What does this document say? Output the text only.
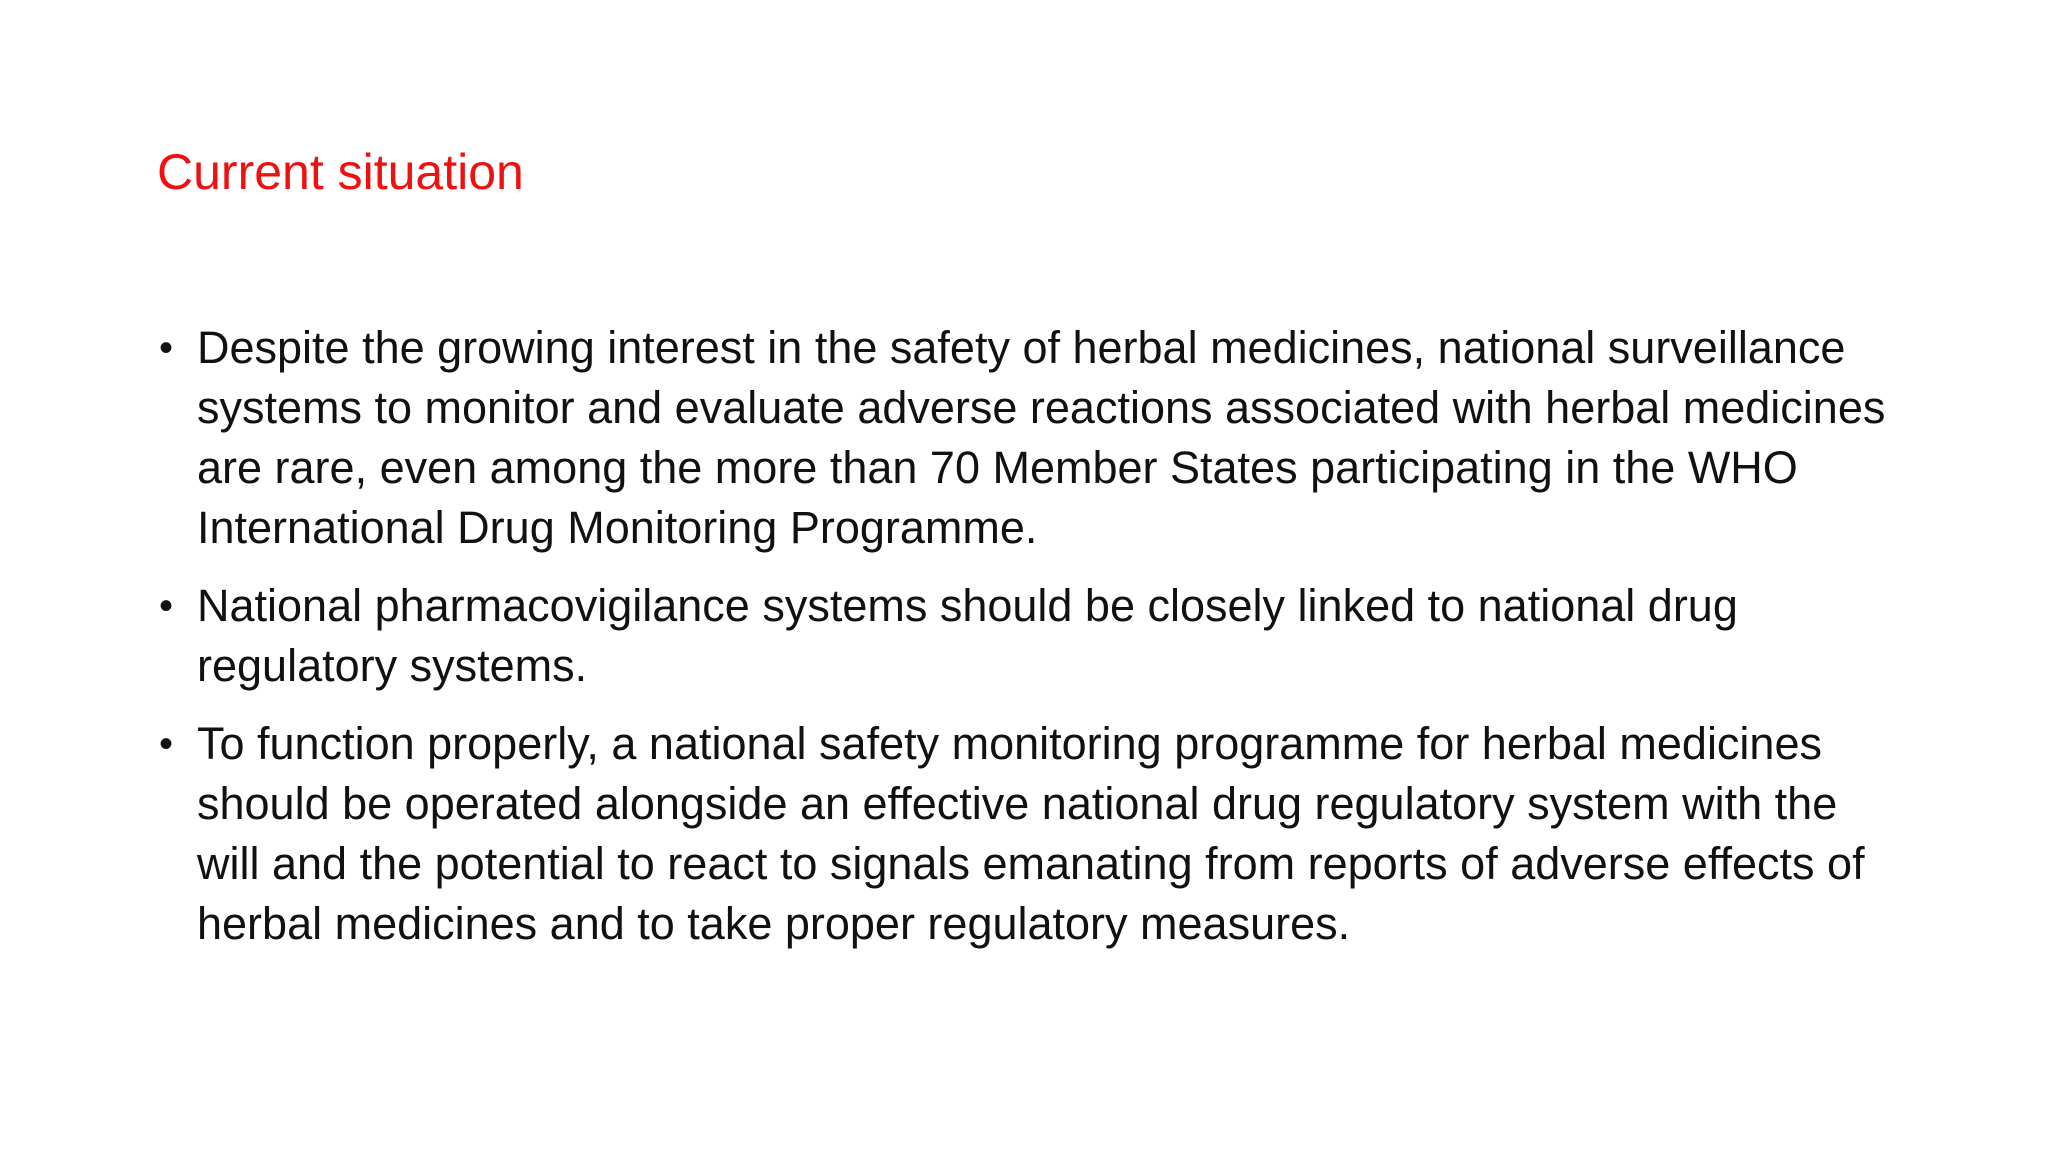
Current situation
• Despite the growing interest in the safety of herbal medicines, national surveillance systems to monitor and evaluate adverse reactions associated with herbal medicines are rare, even among the more than 70 Member States participating in the WHO International Drug Monitoring Programme.
• National pharmacovigilance systems should be closely linked to national drug regulatory systems.
• To function properly, a national safety monitoring programme for herbal medicines should be operated alongside an effective national drug regulatory system with the will and the potential to react to signals emanating from reports of adverse effects of herbal medicines and to take proper regulatory measures.
